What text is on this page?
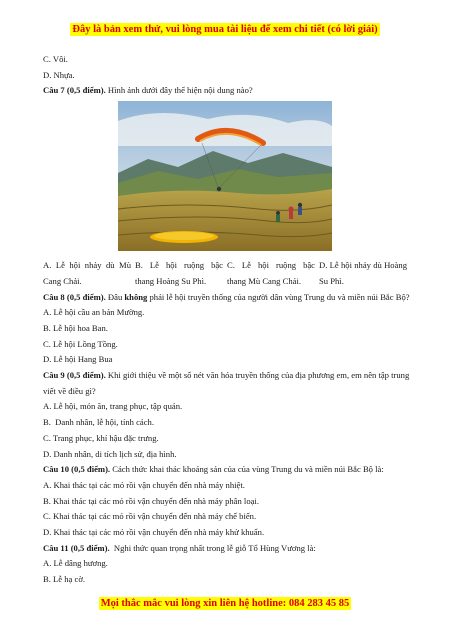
Đây là bản xem thử, vui lòng mua tài liệu để xem chi tiết (có lời giải)
C. Vôi.
D. Nhựa.
Câu 7 (0,5 điểm). Hình ảnh dưới đây thể hiện nội dung nào?
A. Lễ hội nhảy dù Mù Cang Chải.
B. Lễ hội ruộng bậc thang Hoàng Su Phì.
C. Lễ hội ruộng bậc thang Mù Cang Chải.
D. Lễ hội nhảy dù Hoàng Su Phì.
Câu 8 (0,5 điểm). Đâu không phải lễ hội truyền thống của người dân vùng Trung du và miền núi Bắc Bộ?
A. Lễ hội cầu an bản Mường.
B. Lễ hội hoa Ban.
C. Lễ hội Lồng Tồng.
D. Lễ hội Hang Bua
Câu 9 (0,5 điểm). Khi giới thiệu về một số nét văn hóa truyền thống của địa phương em, em nên tập trung viết về điều gì?
A. Lễ hội, món ăn, trang phục, tập quán.
B.  Danh nhân, lễ hội, tính cách.
C. Trang phục, khí hậu đặc trưng.
D. Danh nhân, di tích lịch sử, địa hình.
Câu 10 (0,5 điểm). Cách thức khai thác khoáng sản của của vùng Trung du và miền núi Bắc Bộ là:
A. Khai thác tại các mỏ rồi vận chuyển đến nhà máy nhiệt.
B. Khai thác tại các mỏ rồi vận chuyển đến nhà máy phân loại.
C. Khai thác tại các mỏ rồi vận chuyển đến nhà máy chế biến.
D. Khai thác tại các mỏ rồi vận chuyển đến nhà máy khử khuẩn.
Câu 11 (0,5 điểm).  Nghi thức quan trọng nhất trong lễ giỗ Tổ Hùng Vương là:
A. Lễ dâng hương.
B. Lễ hạ cờ.
Mọi thắc mắc vui lòng xin liên hệ hotline: 084 283 45 85
